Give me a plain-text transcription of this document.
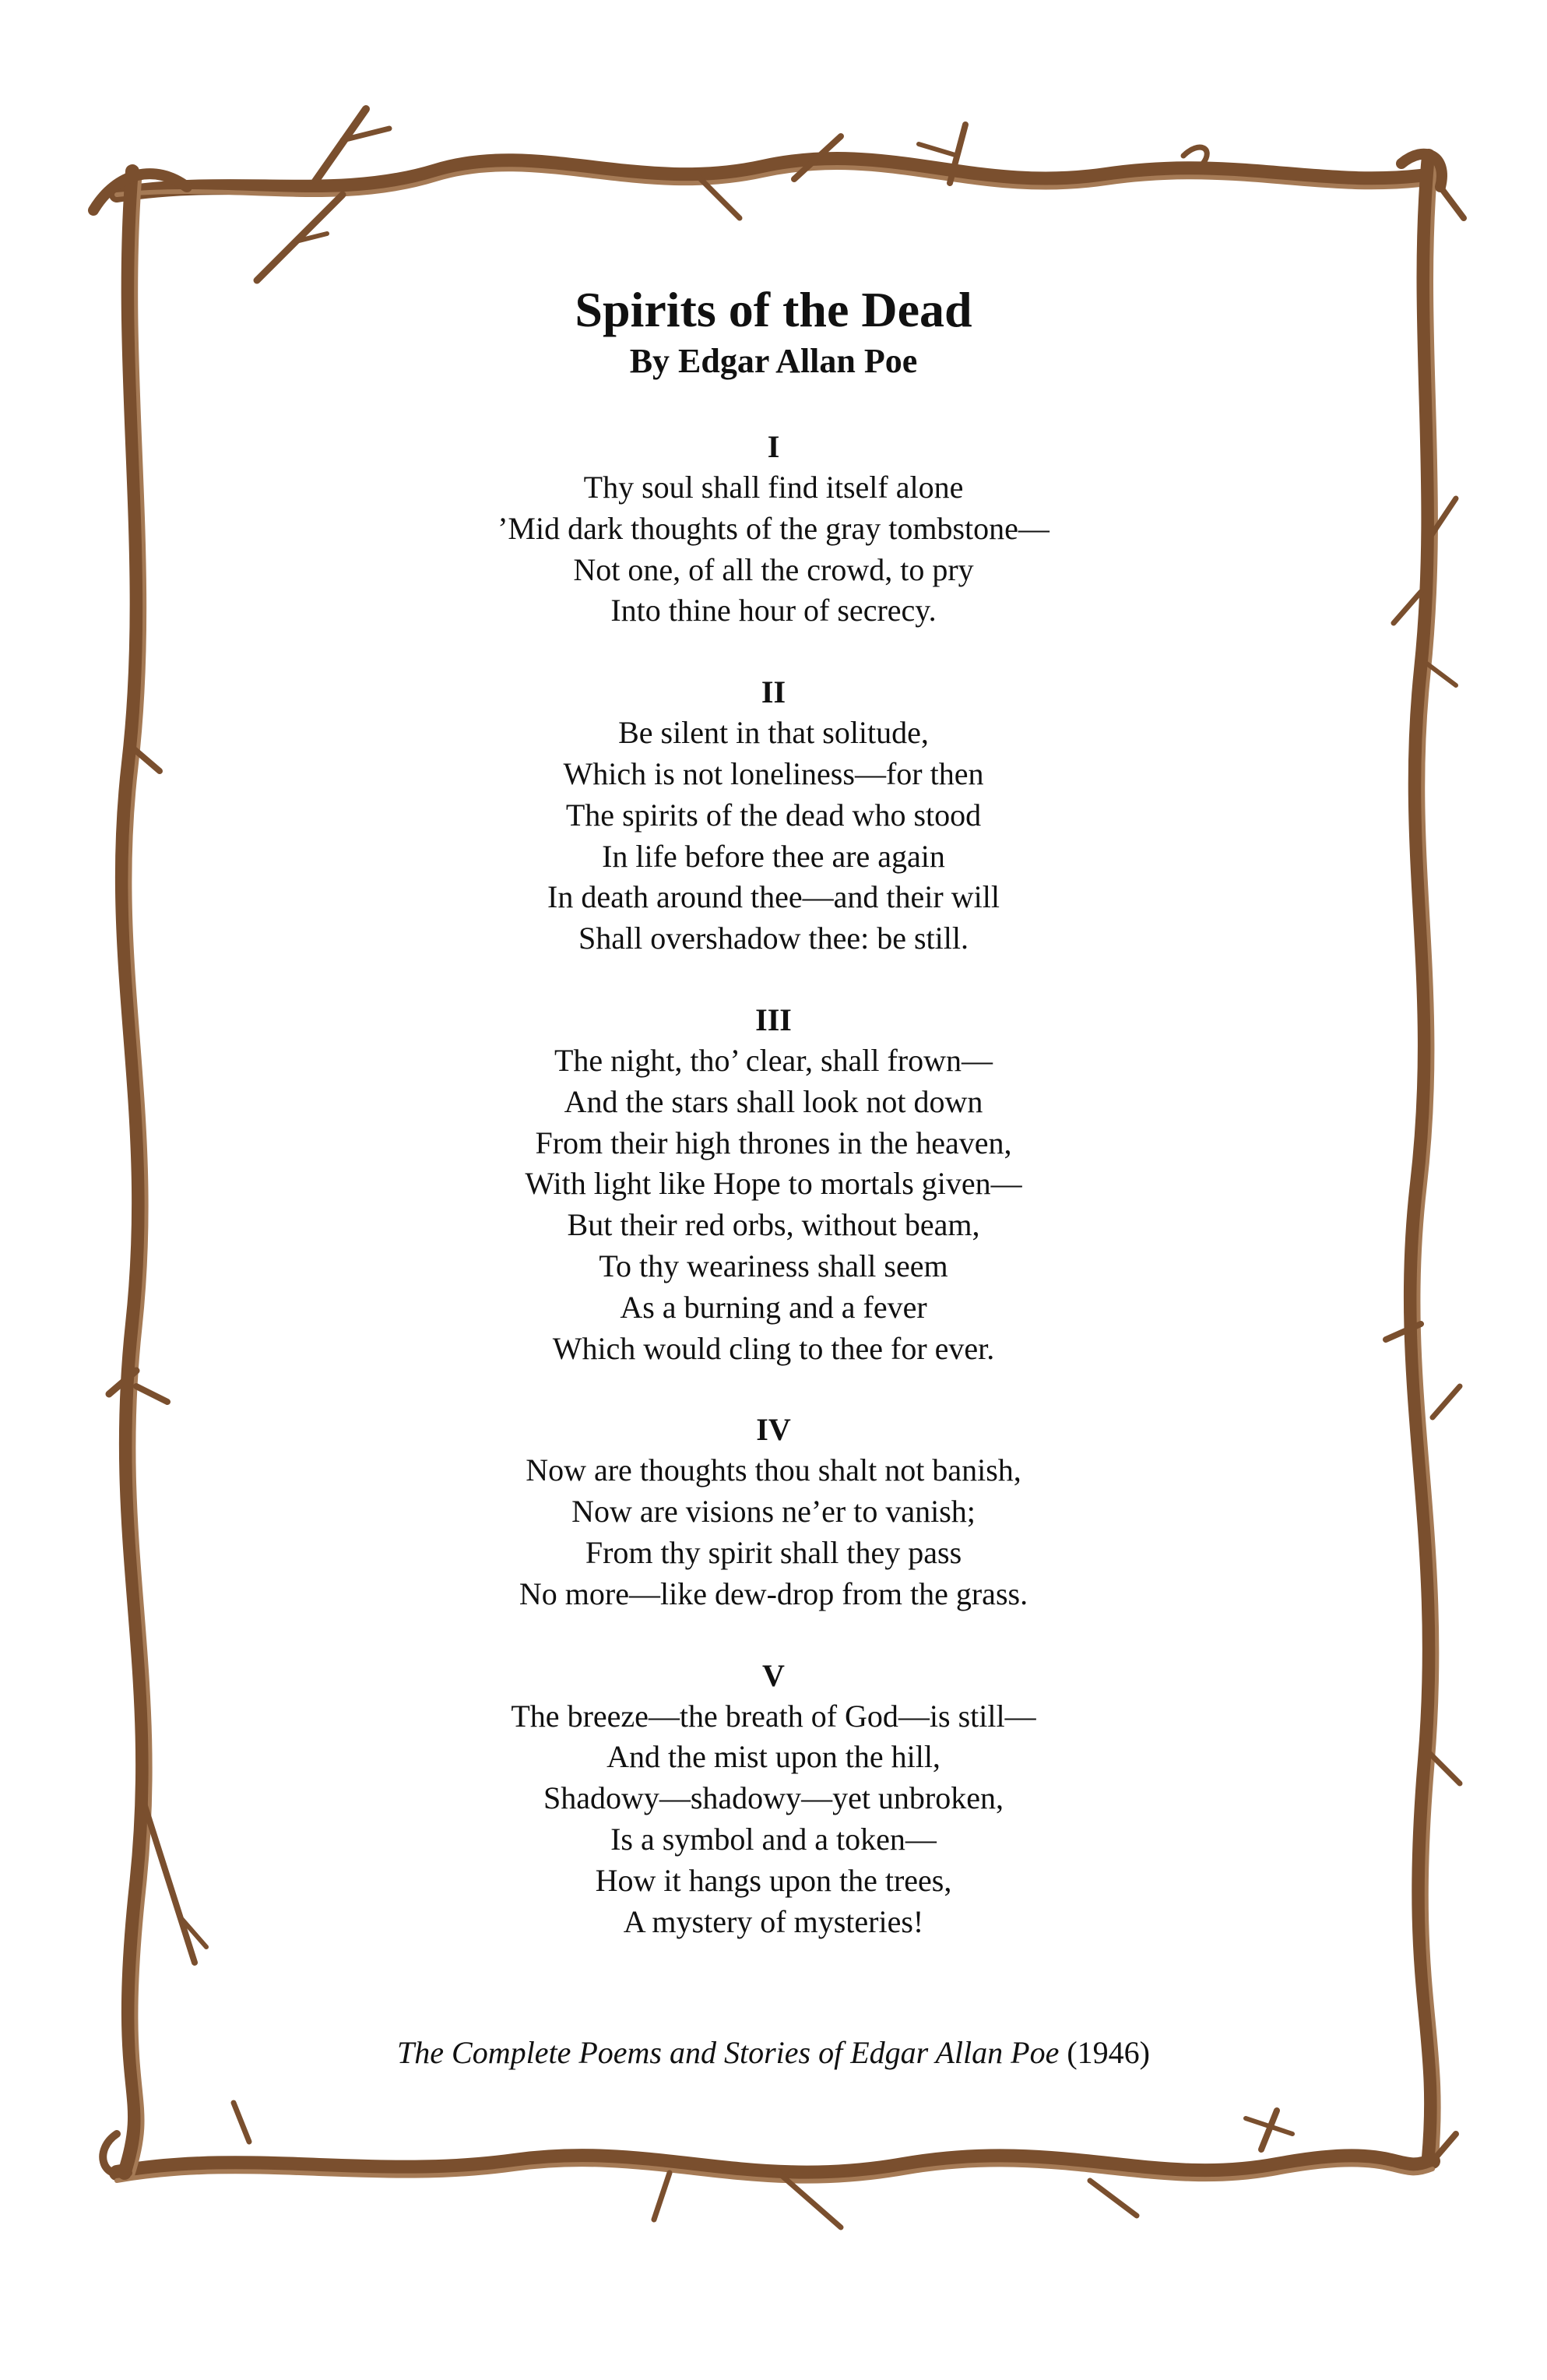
Spirits of the Dead

By Edgar Allan Poe

I

Thy soul shall find itself alone

’Mid dark thoughts of the gray tombstone—

Not one, of all the crowd, to pry

Into thine hour of secrecy.

II

Be silent in that solitude,

Which is not loneliness—for then

The spirits of the dead who stood

In life before thee are again

In death around thee—and their will

Shall overshadow thee: be still.

III

The night, tho’ clear, shall frown—

And the stars shall look not down

From their high thrones in the heaven,

With light like Hope to mortals given—

But their red orbs, without beam,

To thy weariness shall seem

As a burning and a fever

Which would cling to thee for ever.

IV

Now are thoughts thou shalt not banish,

Now are visions ne’er to vanish;

From thy spirit shall they pass

No more—like dew-drop from the grass.

V

The breeze—the breath of God—is still—

And the mist upon the hill,

Shadowy—shadowy—yet unbroken,

Is a symbol and a token—

How it hangs upon the trees,

A mystery of mysteries!

The Complete Poems and Stories of Edgar Allan Poe (1946)
